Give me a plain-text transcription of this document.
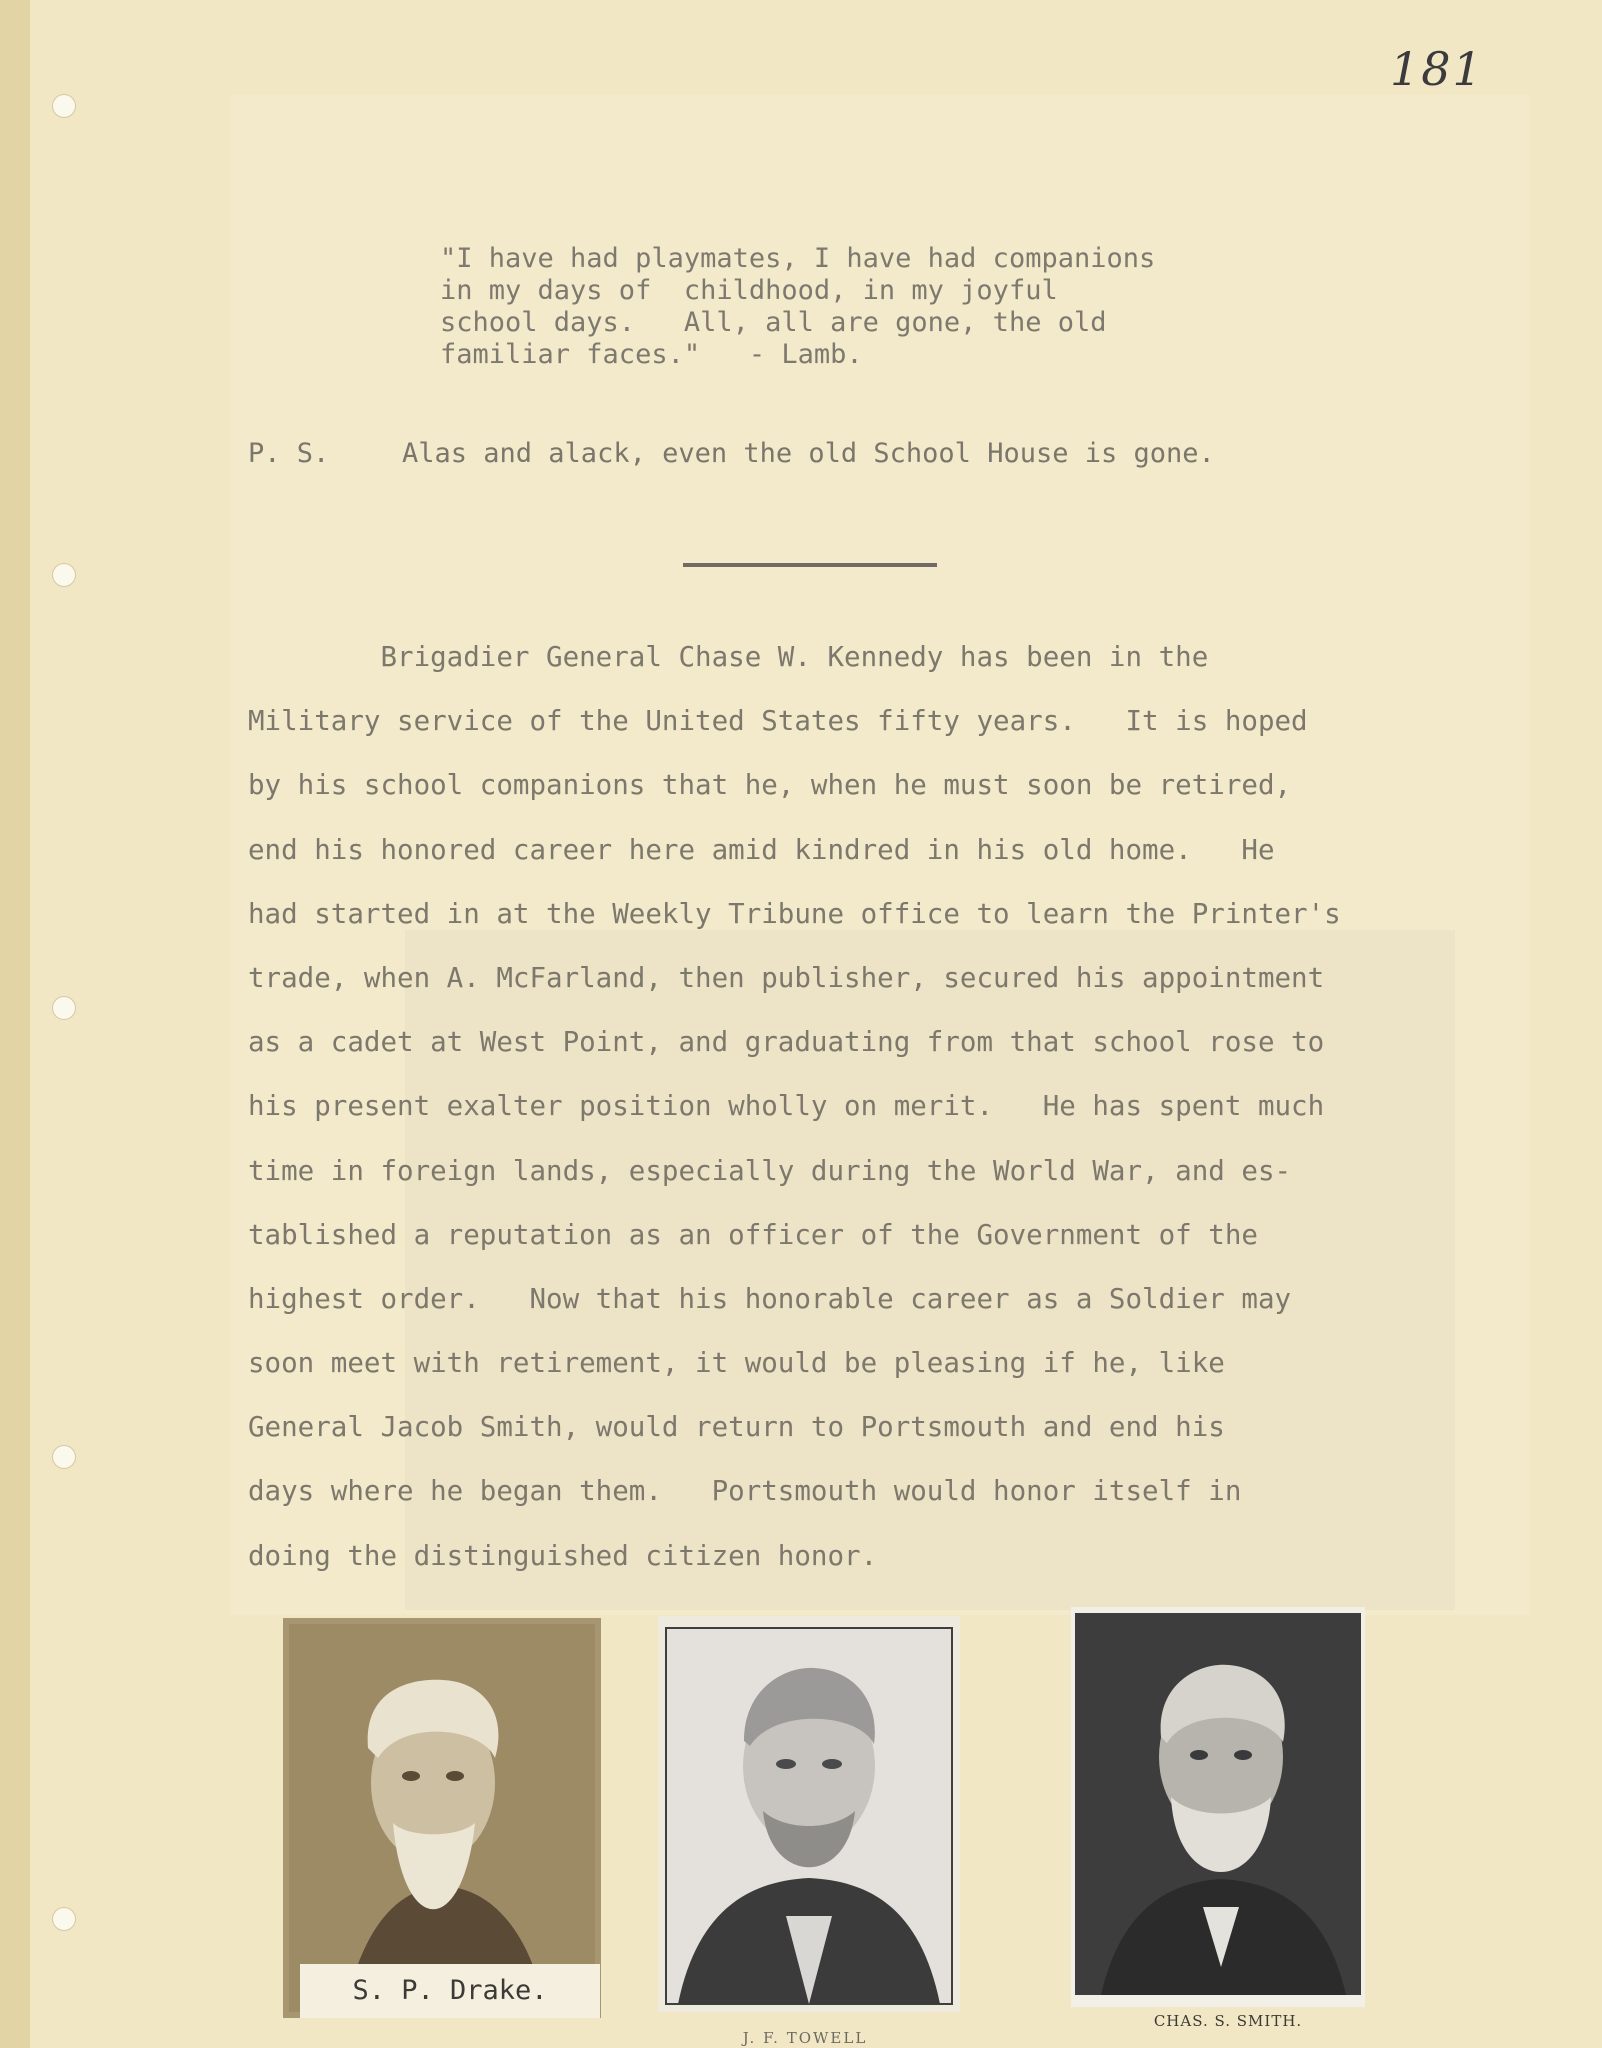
181
"I have had playmates, I have had companions
in my days of  childhood, in my joyful
school days.   All, all are gone, the old
familiar faces."   - Lamb.
P. S.	Alas and alack, even the old School House is gone.
Brigadier General Chase W. Kennedy has been in the
Military service of the United States fifty years.   It is hoped
by his school companions that he, when he must soon be retired,
end his honored career here amid kindred in his old home.   He
had started in at the Weekly Tribune office to learn the Printer's
trade, when A. McFarland, then publisher, secured his appointment
as a cadet at West Point, and graduating from that school rose to
his present exalter position wholly on merit.   He has spent much
time in foreign lands, especially during the World War, and es-
tablished a reputation as an officer of the Government of the
highest order.   Now that his honorable career as a Soldier may
soon meet with retirement, it would be pleasing if he, like
General Jacob Smith, would return to Portsmouth and end his
days where he began them.   Portsmouth would honor itself in
doing the distinguished citizen honor.
S. P. Drake.
J. F. TOWELL
CHAS. S. SMITH.
